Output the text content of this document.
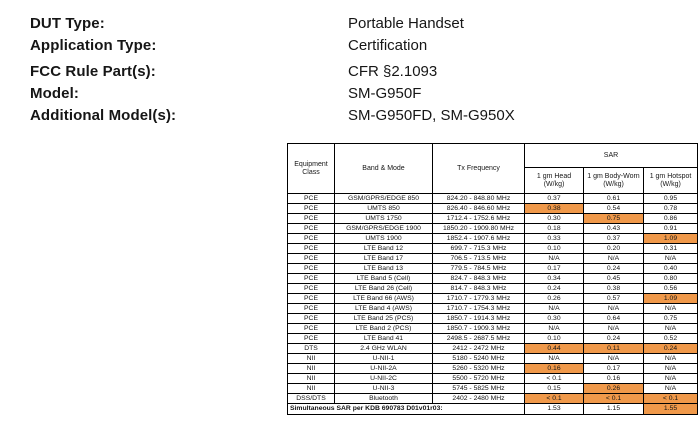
DUT Type:	Portable Handset
Application Type:	Certification
FCC Rule Part(s):	CFR §2.1093
Model:	SM-G950F
Additional Model(s):	SM-G950FD, SM-G950X
Equipment Class	Band & Mode	Tx Frequency	SAR		
			1 gm Head (W/kg)	1 gm Body-Worn (W/kg)	1 gm Hotspot (W/kg)
PCE	GSM/GPRS/EDGE 850	824.20 - 848.80 MHz	0.37	0.61	0.95
PCE	UMTS 850	826.40 - 846.60 MHz	0.38	0.54	0.78
PCE	UMTS 1750	1712.4 - 1752.6 MHz	0.30	0.75	0.86
PCE	GSM/GPRS/EDGE 1900	1850.20 - 1909.80 MHz	0.18	0.43	0.91
PCE	UMTS 1900	1852.4 - 1907.6 MHz	0.33	0.37	1.09
PCE	LTE Band 12	699.7 - 715.3 MHz	0.10	0.20	0.31
PCE	LTE Band 17	706.5 - 713.5 MHz	N/A	N/A	N/A
PCE	LTE Band 13	779.5 - 784.5 MHz	0.17	0.24	0.40
PCE	LTE Band 5 (Cell)	824.7 - 848.3 MHz	0.34	0.45	0.80
PCE	LTE Band 26 (Cell)	814.7 - 848.3 MHz	0.24	0.38	0.56
PCE	LTE Band 66 (AWS)	1710.7 - 1779.3 MHz	0.26	0.57	1.09
PCE	LTE Band 4 (AWS)	1710.7 - 1754.3 MHz	N/A	N/A	N/A
PCE	LTE Band 25 (PCS)	1850.7 - 1914.3 MHz	0.30	0.64	0.75
PCE	LTE Band 2 (PCS)	1850.7 - 1909.3 MHz	N/A	N/A	N/A
PCE	LTE Band 41	2498.5 - 2687.5 MHz	0.10	0.24	0.52
DTS	2.4 GHz WLAN	2412 - 2472 MHz	0.44	0.11	0.24
NII	U-NII-1	5180 - 5240 MHz	N/A	N/A	N/A
NII	U-NII-2A	5260 - 5320 MHz	0.16	0.17	N/A
NII	U-NII-2C	5500 - 5720 MHz	< 0.1	0.16	N/A
NII	U-NII-3	5745 - 5825 MHz	0.15	0.26	N/A
DSS/DTS	Bluetooth	2402 - 2480 MHz	< 0.1	< 0.1	< 0.1
Simultaneous SAR per KDB 690783 D01v01r03:			1.53	1.15	1.55
